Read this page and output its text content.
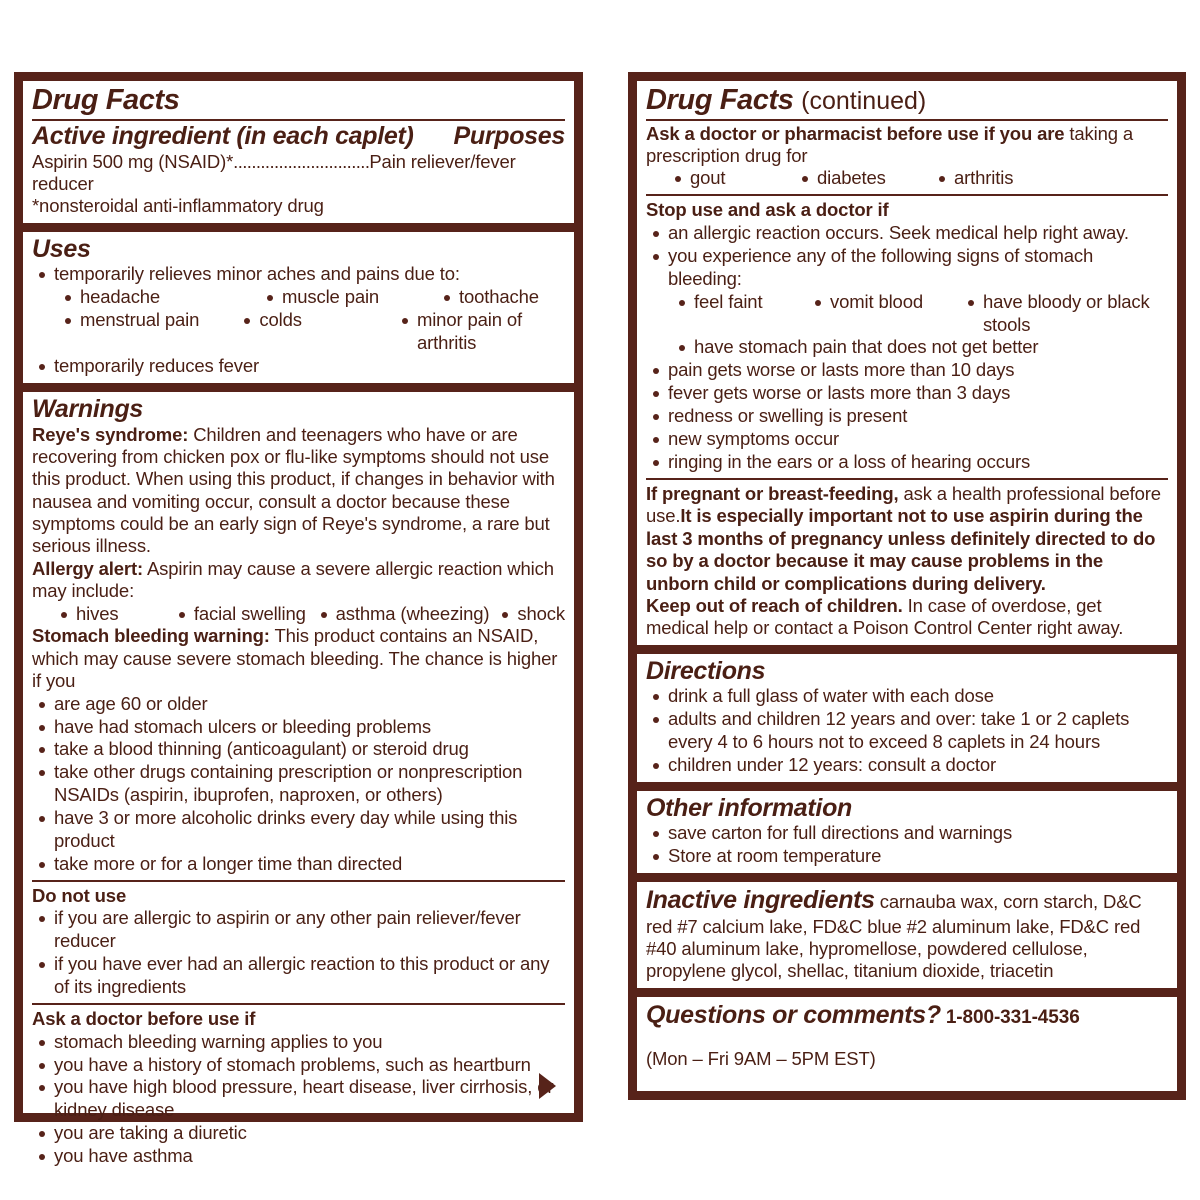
Drug Facts
Active ingredient (in each caplet) Purposes

Aspirin 500 mg (NSAID)*..............................Pain reliever/fever reducer

*nonsteroidal anti-inflammatory drug

Uses
temporarily relieves minor aches and pains due to:
headache	muscle pain	toothache
menstrual pain	colds	minor pain of arthritis
temporarily reduces fever
Warnings

Reye's syndrome: Children and teenagers who have or are recovering from chicken pox or flu-like symptoms should not use this product. When using this product, if changes in behavior with nausea and vomiting occur, consult a doctor because these symptoms could be an early sign of Reye's syndrome, a rare but serious illness.

Allergy alert: Aspirin may cause a severe allergic reaction which may include:

hives	facial swelling	asthma (wheezing)	shock

Stomach bleeding warning: This product contains an NSAID, which may cause severe stomach bleeding. The chance is higher if you

are age 60 or older
have had stomach ulcers or bleeding problems
take a blood thinning (anticoagulant) or steroid drug
take other drugs containing prescription or nonprescription NSAIDs (aspirin, ibuprofen, naproxen, or others)
have 3 or more alcoholic drinks every day while using this product
take more or for a longer time than directed
Do not use
if you are allergic to aspirin or any other pain reliever/fever reducer
if you have ever had an allergic reaction to this product or any of its ingredients
Ask a doctor before use if
stomach bleeding warning applies to you
you have a history of stomach problems, such as heartburn
you have high blood pressure, heart disease, liver cirrhosis, or kidney disease
you are taking a diuretic
you have asthma
Drug Facts (continued)

Ask a doctor or pharmacist before use if you are taking a prescription drug for

gout	diabetes	arthritis
Stop use and ask a doctor if
an allergic reaction occurs. Seek medical help right away.
you experience any of the following signs of stomach bleeding:
feel faint	vomit blood	have bloody or black stools
have stomach pain that does not get better
pain gets worse or lasts more than 10 days
fever gets worse or lasts more than 3 days
redness or swelling is present
new symptoms occur
ringing in the ears or a loss of hearing occurs

If pregnant or breast-feeding, ask a health professional before use.It is especially important not to use aspirin during the last 3 months of pregnancy unless definitely directed to do so by a doctor because it may cause problems in the unborn child or complications during delivery.

Keep out of reach of children. In case of overdose, get medical help or contact a Poison Control Center right away.

Directions
drink a full glass of water with each dose
adults and children 12 years and over: take 1 or 2 caplets every 4 to 6 hours not to exceed 8 caplets in 24 hours
children under 12 years: consult a doctor
Other information
save carton for full directions and warnings
Store at room temperature

Inactive ingredients carnauba wax, corn starch, D&C red #7 calcium lake, FD&C blue #2 aluminum lake, FD&C red #40 aluminum lake, hypromellose, powdered cellulose, propylene glycol, shellac, titanium dioxide, triacetin

Questions or comments? 1-800-331-4536

(Mon – Fri 9AM – 5PM EST)
